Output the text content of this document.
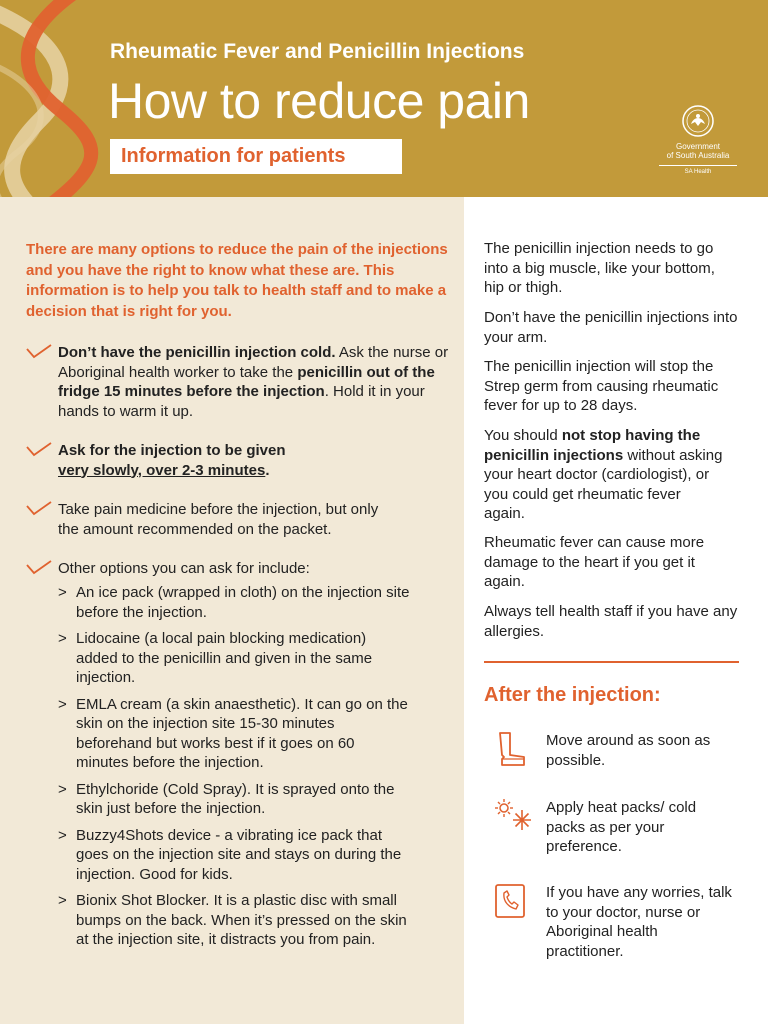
Rheumatic Fever and Penicillin Injections
How to reduce pain
Information for patients	Government
of South Australia
SA Health
There are many options to reduce the pain of the injections and you have the right to know what these are. This information is to help you talk to health staff and to make a decision that is right for you.
Don’t have the penicillin injection cold. Ask the nurse or Aboriginal health worker to take the penicillin out of the fridge 15 minutes before the injection. Hold it in your hands to warm it up.
Ask for the injection to be given
very slowly, over 2-3 minutes.
Take pain medicine before the injection, but only the amount recommended on the packet.
Other options you can ask for include:
> An ice pack (wrapped in cloth) on the injection site before the injection.
> Lidocaine (a local pain blocking medication) added to the penicillin and given in the same injection.
> EMLA cream (a skin anaesthetic). It can go on the skin on the injection site 15-30 minutes beforehand but works best if it goes on 60 minutes before the injection.
> Ethylchoride (Cold Spray). It is sprayed onto the skin just before the injection.
> Buzzy4Shots device - a vibrating ice pack that goes on the injection site and stays on during the injection. Good for kids.
> Bionix Shot Blocker. It is a plastic disc with small bumps on the back. When it’s pressed on the skin at the injection site, it distracts you from pain.
The penicillin injection needs to go into a big muscle, like your bottom, hip or thigh.
Don’t have the penicillin injections into your arm.
The penicillin injection will stop the Strep germ from causing rheumatic fever for up to 28 days.
You should not stop having the penicillin injections without asking your heart doctor (cardiologist), or you could get rheumatic fever again.
Rheumatic fever can cause more damage to the heart if you get it again.
Always tell health staff if you have any allergies.
After the injection:
Move around as soon as possible.
Apply heat packs/ cold packs as per your preference.
If you have any worries, talk to your doctor, nurse or Aboriginal health practitioner.
